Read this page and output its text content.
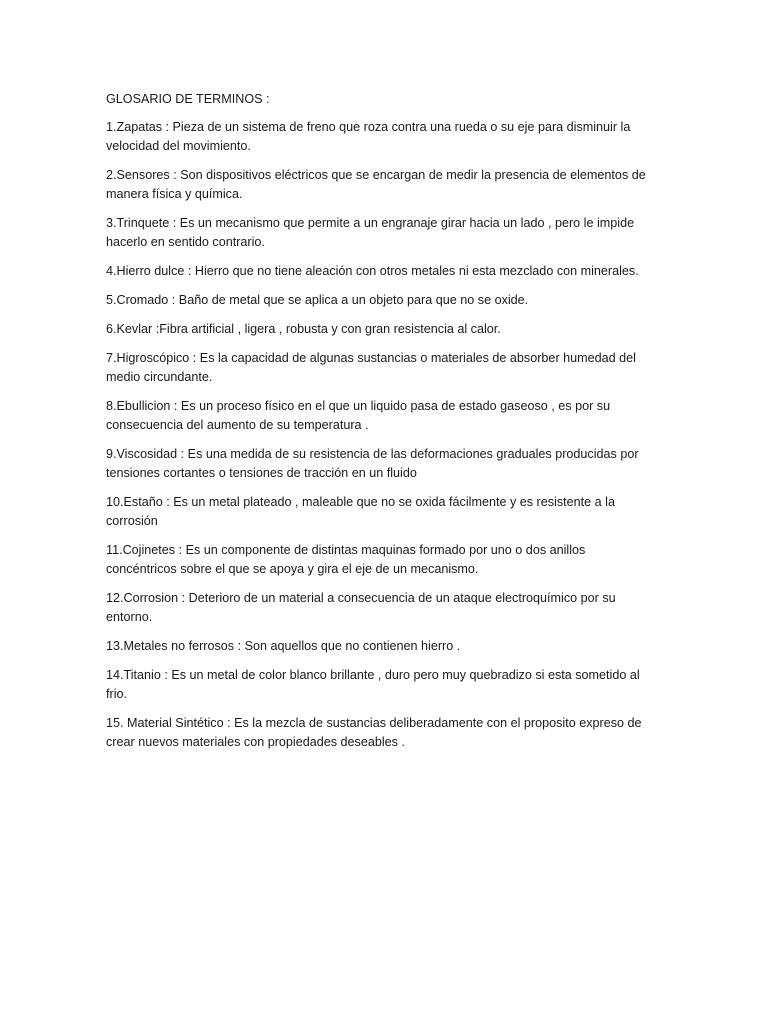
GLOSARIO DE TERMINOS :

1.Zapatas : Pieza de un sistema de freno que roza contra una rueda o su eje para disminuir la velocidad del movimiento.

2.Sensores : Son dispositivos eléctricos que se encargan de medir la presencia de elementos de manera física y química.

3.Trinquete : Es un mecanismo que permite a un engranaje girar hacia un lado , pero le impide hacerlo en sentido contrario.

4.Hierro dulce : Hierro que no tiene aleación con otros metales ni esta mezclado con minerales.

5.Cromado : Baño de metal que se aplica a un objeto para que no se oxide.

6.Kevlar :Fibra artificial , ligera , robusta y con gran resistencia al calor.

7.Higroscópico : Es la capacidad de algunas sustancias o materiales de absorber humedad del medio circundante.

8.Ebullicion : Es un proceso físico en el que un liquido pasa de estado gaseoso , es por su consecuencia del aumento de su temperatura .

9.Viscosidad : Es una medida de su resistencia de las deformaciones graduales producidas por tensiones cortantes o tensiones de tracción en un fluido

10.Estaño : Es un metal plateado , maleable que no se oxida fácilmente y es resistente a la corrosión

11.Cojinetes : Es un componente de distintas maquinas formado por uno o dos anillos concéntricos sobre el que se apoya y gira el eje de un mecanismo.

12.Corrosion : Deterioro de un material a consecuencia de un ataque electroquímico por su entorno.

13.Metales no ferrosos : Son aquellos que no contienen hierro .

14.Titanio : Es un metal de color blanco brillante , duro pero muy quebradizo si esta sometido al frio.

15. Material Sintético : Es la mezcla de sustancias deliberadamente con el proposito expreso de crear nuevos materiales con propiedades deseables .
